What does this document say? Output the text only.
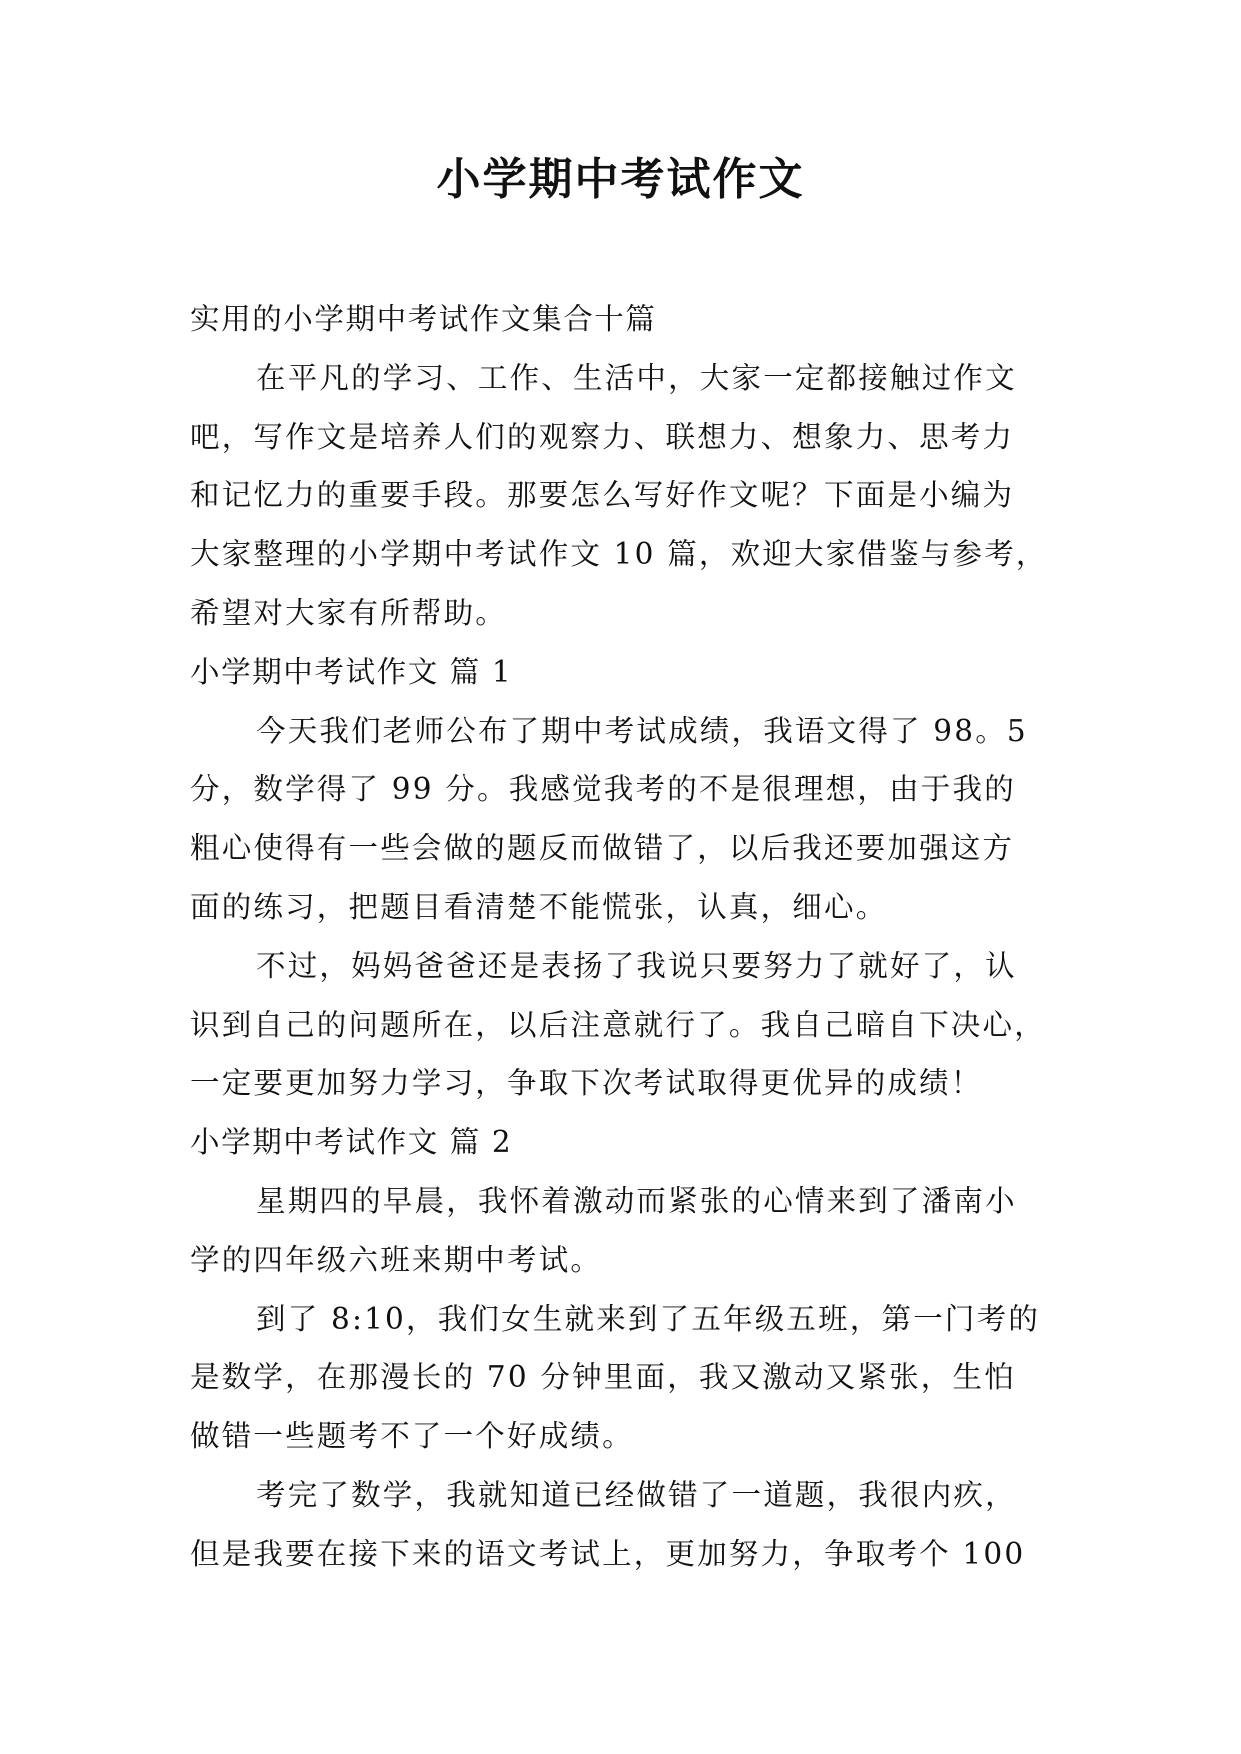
小学期中考试作文
实用的小学期中考试作文集合十篇
在平凡的学习、工作、生活中，大家一定都接触过作文
吧，写作文是培养人们的观察力、联想力、想象力、思考力
和记忆力的重要手段。那要怎么写好作文呢？下面是小编为
大家整理的小学期中考试作文 10 篇，欢迎大家借鉴与参考，
希望对大家有所帮助。
小学期中考试作文 篇 1
今天我们老师公布了期中考试成绩，我语文得了 98。5
分，数学得了 99 分。我感觉我考的不是很理想，由于我的
粗心使得有一些会做的题反而做错了，以后我还要加强这方
面的练习，把题目看清楚不能慌张，认真，细心。
不过，妈妈爸爸还是表扬了我说只要努力了就好了，认
识到自己的问题所在，以后注意就行了。我自己暗自下决心，
一定要更加努力学习，争取下次考试取得更优异的成绩！
小学期中考试作文 篇 2
星期四的早晨，我怀着激动而紧张的心情来到了潘南小
学的四年级六班来期中考试。
到了 8:10，我们女生就来到了五年级五班，第一门考的
是数学，在那漫长的 70 分钟里面，我又激动又紧张，生怕
做错一些题考不了一个好成绩。
考完了数学，我就知道已经做错了一道题，我很内疚，
但是我要在接下来的语文考试上，更加努力，争取考个 100
